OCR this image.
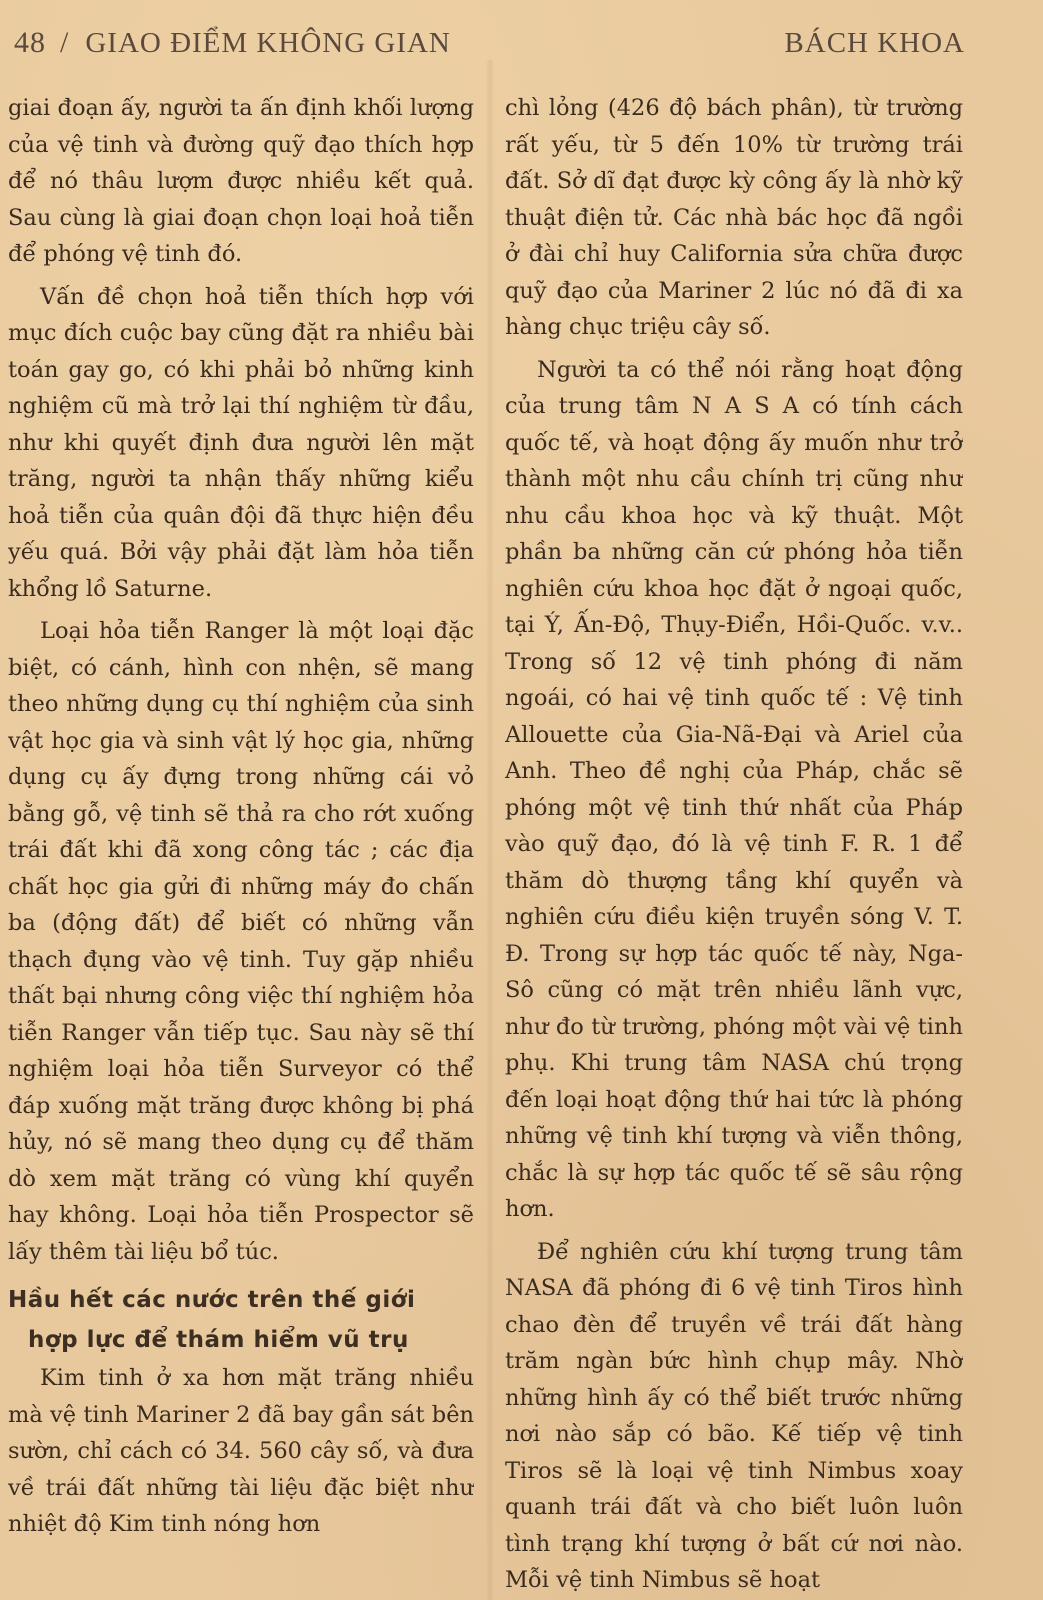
48 / GIAO ĐIỂM KHÔNG GIAN	BÁCH KHOA

giai đoạn ấy, người ta ấn định khối lượng của vệ tinh và đường quỹ đạo thích hợp để nó thâu lượm được nhiều kết quả. Sau cùng là giai đoạn chọn loại hoả tiễn để phóng vệ tinh đó.

Vấn đề chọn hoả tiễn thích hợp với mục đích cuộc bay cũng đặt ra nhiều bài toán gay go, có khi phải bỏ những kinh nghiệm cũ mà trở lại thí nghiệm từ đầu, như khi quyết định đưa người lên mặt trăng, người ta nhận thấy những kiểu hoả tiễn của quân đội đã thực hiện đều yếu quá. Bởi vậy phải đặt làm hỏa tiễn khổng lồ Saturne.

Loại hỏa tiễn Ranger là một loại đặc biệt, có cánh, hình con nhện, sẽ mang theo những dụng cụ thí nghiệm của sinh vật học gia và sinh vật lý học gia, những dụng cụ ấy đựng trong những cái vỏ bằng gỗ, vệ tinh sẽ thả ra cho rớt xuống trái đất khi đã xong công tác ; các địa chất học gia gửi đi những máy đo chấn ba (động đất) để biết có những vẫn thạch đụng vào vệ tinh. Tuy gặp nhiều thất bại nhưng công việc thí nghiệm hỏa tiễn Ranger vẫn tiếp tục. Sau này sẽ thí nghiệm loại hỏa tiễn Surveyor có thể đáp xuống mặt trăng được không bị phá hủy, nó sẽ mang theo dụng cụ để thăm dò xem mặt trăng có vùng khí quyển hay không. Loại hỏa tiễn Prospector sẽ lấy thêm tài liệu bổ túc.

Hầu hết các nước trên thế giới
hợp lực để thám hiểm vũ trụ

Kim tinh ở xa hơn mặt trăng nhiều mà vệ tinh Mariner 2 đã bay gần sát bên sườn, chỉ cách có 34. 560 cây số, và đưa về trái đất những tài liệu đặc biệt như nhiệt độ Kim tinh nóng hơn

chì lỏng (426 độ bách phân), từ trường rất yếu, từ 5 đến 10% từ trường trái đất. Sở dĩ đạt được kỳ công ấy là nhờ kỹ thuật điện tử. Các nhà bác học đã ngồi ở đài chỉ huy California sửa chữa được quỹ đạo của Mariner 2 lúc nó đã đi xa hàng chục triệu cây số.

Người ta có thể nói rằng hoạt động của trung tâm N A S A có tính cách quốc tế, và hoạt động ấy muốn như trở thành một nhu cầu chính trị cũng như nhu cầu khoa học và kỹ thuật. Một phần ba những căn cứ phóng hỏa tiễn nghiên cứu khoa học đặt ở ngoại quốc, tại Ý, Ấn-Độ, Thụy-Điển, Hồi-Quốc. v.v.. Trong số 12 vệ tinh phóng đi năm ngoái, có hai vệ tinh quốc tế : Vệ tinh Allouette của Gia-Nã-Đại và Ariel của Anh. Theo đề nghị của Pháp, chắc sẽ phóng một vệ tinh thứ nhất của Pháp vào quỹ đạo, đó là vệ tinh F. R. 1 để thăm dò thượng tầng khí quyển và nghiên cứu điều kiện truyền sóng V. T. Đ. Trong sự hợp tác quốc tế này, Nga-Sô cũng có mặt trên nhiều lãnh vực, như đo từ trường, phóng một vài vệ tinh phụ. Khi trung tâm NASA chú trọng đến loại hoạt động thứ hai tức là phóng những vệ tinh khí tượng và viễn thông, chắc là sự hợp tác quốc tế sẽ sâu rộng hơn.

Để nghiên cứu khí tượng trung tâm NASA đã phóng đi 6 vệ tinh Tiros hình chao đèn để truyền về trái đất hàng trăm ngàn bức hình chụp mây. Nhờ những hình ấy có thể biết trước những nơi nào sắp có bão. Kế tiếp vệ tinh Tiros sẽ là loại vệ tinh Nimbus xoay quanh trái đất và cho biết luôn luôn tình trạng khí tượng ở bất cứ nơi nào. Mỗi vệ tinh Nimbus sẽ hoạt
